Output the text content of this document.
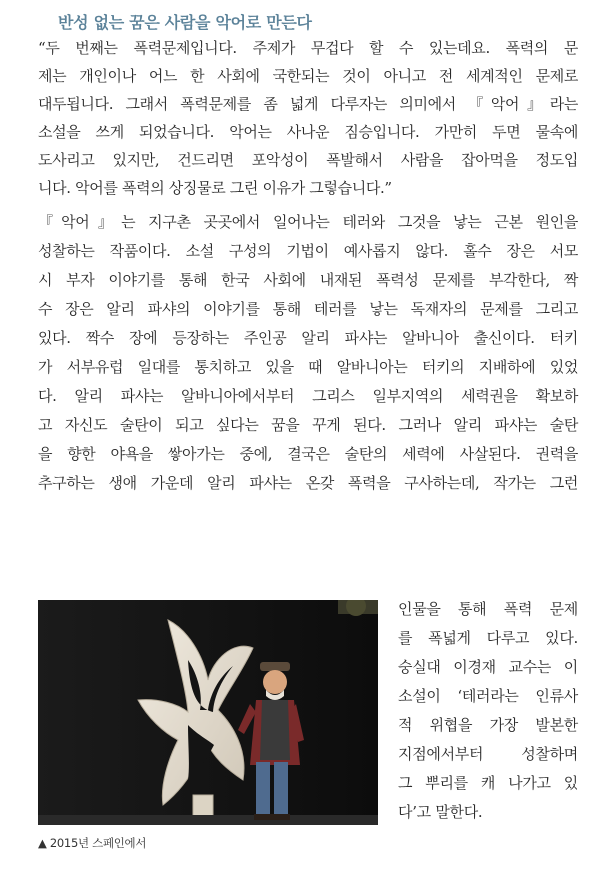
반성 없는 꿈은 사람을 악어로 만든다

“두 번째는 폭력문제입니다. 주제가 무겁다 할 수 있는데요. 폭력의 문

제는 개인이나 어느 한 사회에 국한되는 것이 아니고 전 세계적인 문제로

대두됩니다. 그래서 폭력문제를 좀 넓게 다루자는 의미에서 『악어』라는

소설을 쓰게 되었습니다. 악어는 사나운 짐승입니다. 가만히 두면 물속에

도사리고 있지만, 건드리면 포악성이 폭발해서 사람을 잡아먹을 정도입

니다. 악어를 폭력의 상징물로 그린 이유가 그렇습니다.”

『악어』는 지구촌 곳곳에서 일어나는 테러와 그것을 낳는 근본 원인을

성찰하는 작품이다. 소설 구성의 기법이 예사롭지 않다. 홀수 장은 서모

시 부자 이야기를 통해 한국 사회에 내재된 폭력성 문제를 부각한다, 짝

수 장은 알리 파샤의 이야기를 통해 테러를 낳는 독재자의 문제를 그리고

있다. 짝수 장에 등장하는 주인공 알리 파샤는 알바니아 출신이다. 터키

가 서부유럽 일대를 통치하고 있을 때 알바니아는 터키의 지배하에 있었

다. 알리 파샤는 알바니아에서부터 그리스 일부지역의 세력권을 확보하

고 자신도 술탄이 되고 싶다는 꿈을 꾸게 된다. 그러나 알리 파샤는 술탄

을 향한 야욕을 쌓아가는 중에, 결국은 술탄의 세력에 사살된다. 권력을

추구하는 생애 가운데 알리 파샤는 온갖 폭력을 구사하는데, 작가는 그런

인물을 통해 폭력 문제

를 폭넓게 다루고 있다.

숭실대 이경재 교수는 이

소설이 ‘테러라는 인류사

적 위협을 가장 발본한

지점에서부터 성찰하며

그 뿌리를 캐 나가고 있

다’고 말한다.

▲ 2015년 스페인에서
